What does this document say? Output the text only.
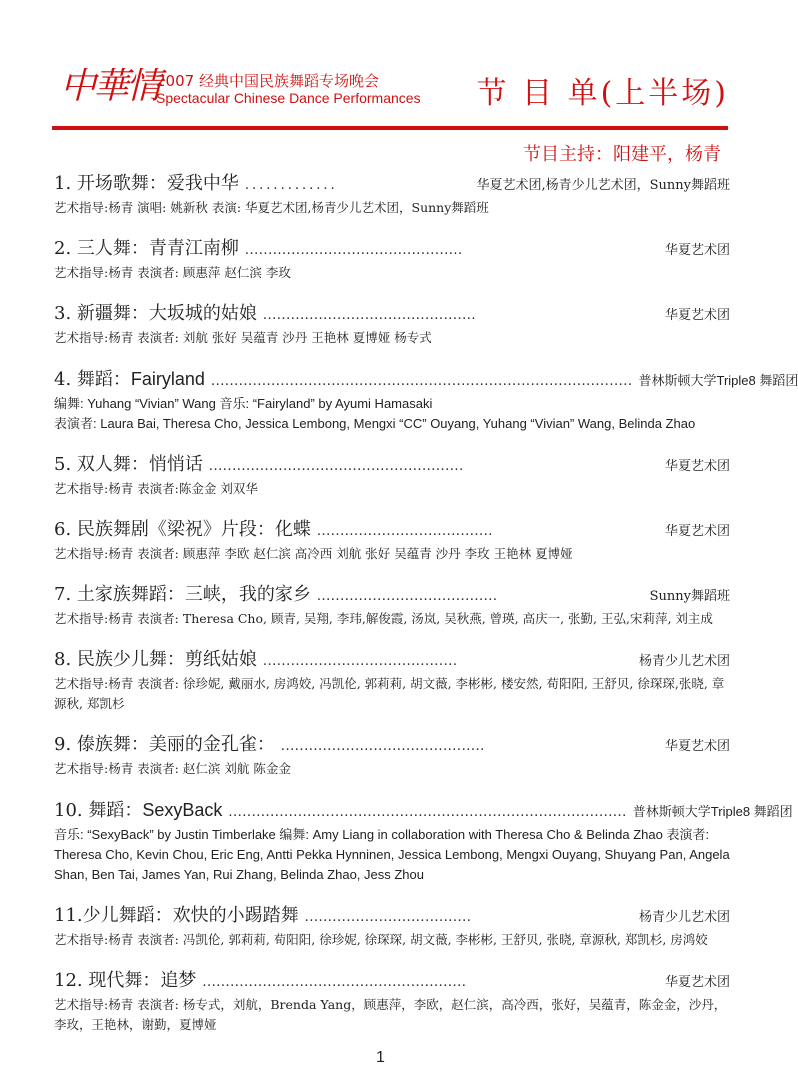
中華情
2007 经典中国民族舞蹈专场晚会
Spectacular Chinese Dance Performances 节 目 单(上半场)
节目主持：阳建平，杨青
1. 开场歌舞：爱我中华 .............	华夏艺术团,杨青少儿艺术团，Sunny舞蹈班
艺术指导:杨青 演唱: 姚新秋 表演: 华夏艺术团,杨青少儿艺术团，Sunny舞蹈班
2. 三人舞：青青江南柳 ...............................................	华夏艺术团
艺术指导:杨青 表演者: 顾惠萍 赵仁滨 李玫
3. 新疆舞：大坂城的姑娘 ..............................................	华夏艺术团
艺术指导:杨青 表演者: 刘航 张好 吴蕴青 沙丹 王艳林 夏博娅 杨专式
4. 舞蹈：Fairyland ........................................................................................... 普林斯顿大学Triple8 舞蹈团
编舞: Yuhang “Vivian” Wang 音乐: “Fairyland” by Ayumi Hamasaki
表演者: Laura Bai, Theresa Cho, Jessica Lembong, Mengxi “CC” Ouyang, Yuhang “Vivian” Wang, Belinda Zhao
5. 双人舞：悄悄话 .......................................................	华夏艺术团
艺术指导:杨青 表演者:陈金金 刘双华
6. 民族舞剧《梁祝》片段：化蝶 ......................................	华夏艺术团
艺术指导:杨青 表演者: 顾惠萍 李欧 赵仁滨 高冷西 刘航 张好 吴蕴青 沙丹 李玫 王艳林 夏博娅
7. 土家族舞蹈：三峡，我的家乡 .......................................	Sunny舞蹈班
艺术指导:杨青 表演者: Theresa Cho, 顾青, 吴翔, 李玮,解俊霞, 汤岚, 吴秋燕, 曾瑛, 高庆一, 张勤, 王弘,宋莉萍, 刘主成
8. 民族少儿舞：剪纸姑娘 ..........................................	杨青少儿艺术团
艺术指导:杨青 表演者: 徐珍妮, 戴丽水, 房鸿姣, 冯凯伦, 郭莉莉, 胡文薇, 李彬彬, 楼安然, 荀阳阳, 王舒贝, 徐琛琛,张晓, 章源秋, 郑凯杉
9. 傣族舞：美丽的金孔雀： ............................................	华夏艺术团
艺术指导:杨青 表演者: 赵仁滨 刘航 陈金金
10. 舞蹈：SexyBack ...................................................................................... 普林斯顿大学Triple8 舞蹈团
音乐: “SexyBack” by Justin Timberlake 编舞: Amy Liang in collaboration with Theresa Cho & Belinda Zhao 表演者: Theresa Cho, Kevin Chou, Eric Eng, Antti Pekka Hynninen, Jessica Lembong, Mengxi Ouyang, Shuyang Pan, Angela Shan, Ben Tai, James Yan, Rui Zhang, Belinda Zhao, Jess Zhou
11.少儿舞蹈：欢快的小踢踏舞 ....................................	杨青少儿艺术团
艺术指导:杨青 表演者: 冯凯伦, 郭莉莉, 荀阳阳, 徐珍妮, 徐琛琛, 胡文薇, 李彬彬, 王舒贝, 张晓, 章源秋, 郑凯杉, 房鸿姣
12. 现代舞：追梦 .........................................................	华夏艺术团
艺术指导:杨青 表演者: 杨专式，刘航，Brenda Yang，顾惠萍，李欧，赵仁滨，高冷西，张好，吴蕴青，陈金金，沙丹，李玫，王艳林，谢勤，夏博娅
1
